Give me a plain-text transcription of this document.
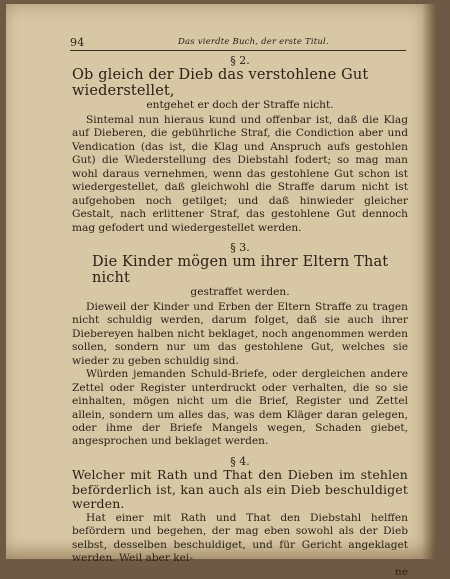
94	Das vierdte Buch, der erste Titul.

§ 2.

Ob gleich der Dieb das verstohlene Gut wiederstellet,

entgehet er doch der Straffe nicht.

Sintemal nun hieraus kund und offenbar ist, daß die Klag auf Dieberen, die gebührliche Straf, die Condiction aber und Vendication (das ist, die Klag und Anspruch aufs gestohlen Gut) die Wiederstellung des Diebstahl fodert; so mag man wohl daraus vernehmen, wenn das gestohlene Gut schon ist wiedergestellet, daß gleichwohl die Straffe darum nicht ist aufgehoben noch getilget; und daß hinwieder gleicher Gestalt, nach erlittener Straf, das gestohlene Gut dennoch mag gefodert und wiedergestellet werden.

§ 3.

Die Kinder mögen um ihrer Eltern That nicht

gestraffet werden.

Dieweil der Kinder und Erben der Eltern Straffe zu tragen nicht schuldig werden, darum folget, daß sie auch ihrer Diebereyen halben nicht beklaget, noch angenommen werden sollen, sondern nur um das gestohlene Gut, welches sie wieder zu geben schuldig sind.

Würden jemanden Schuld-Briefe, oder dergleichen andere Zettel oder Register unterdruckt oder verhalten, die so sie einhalten, mögen nicht um die Brief, Register und Zettel allein, sondern um alles das, was dem Kläger daran gelegen, oder ihme der Briefe Mangels wegen, Schaden giebet, angesprochen und beklaget werden.

§ 4.

Welcher mit Rath und That den Dieben im stehlen beförderlich ist, kan auch als ein Dieb beschuldiget werden.

Hat einer mit Rath und That den Diebstahl helffen befördern und begehen, der mag eben sowohl als der Dieb selbst, desselben beschuldiget, und für Gericht angeklaget werden. Weil aber kei-

ne
